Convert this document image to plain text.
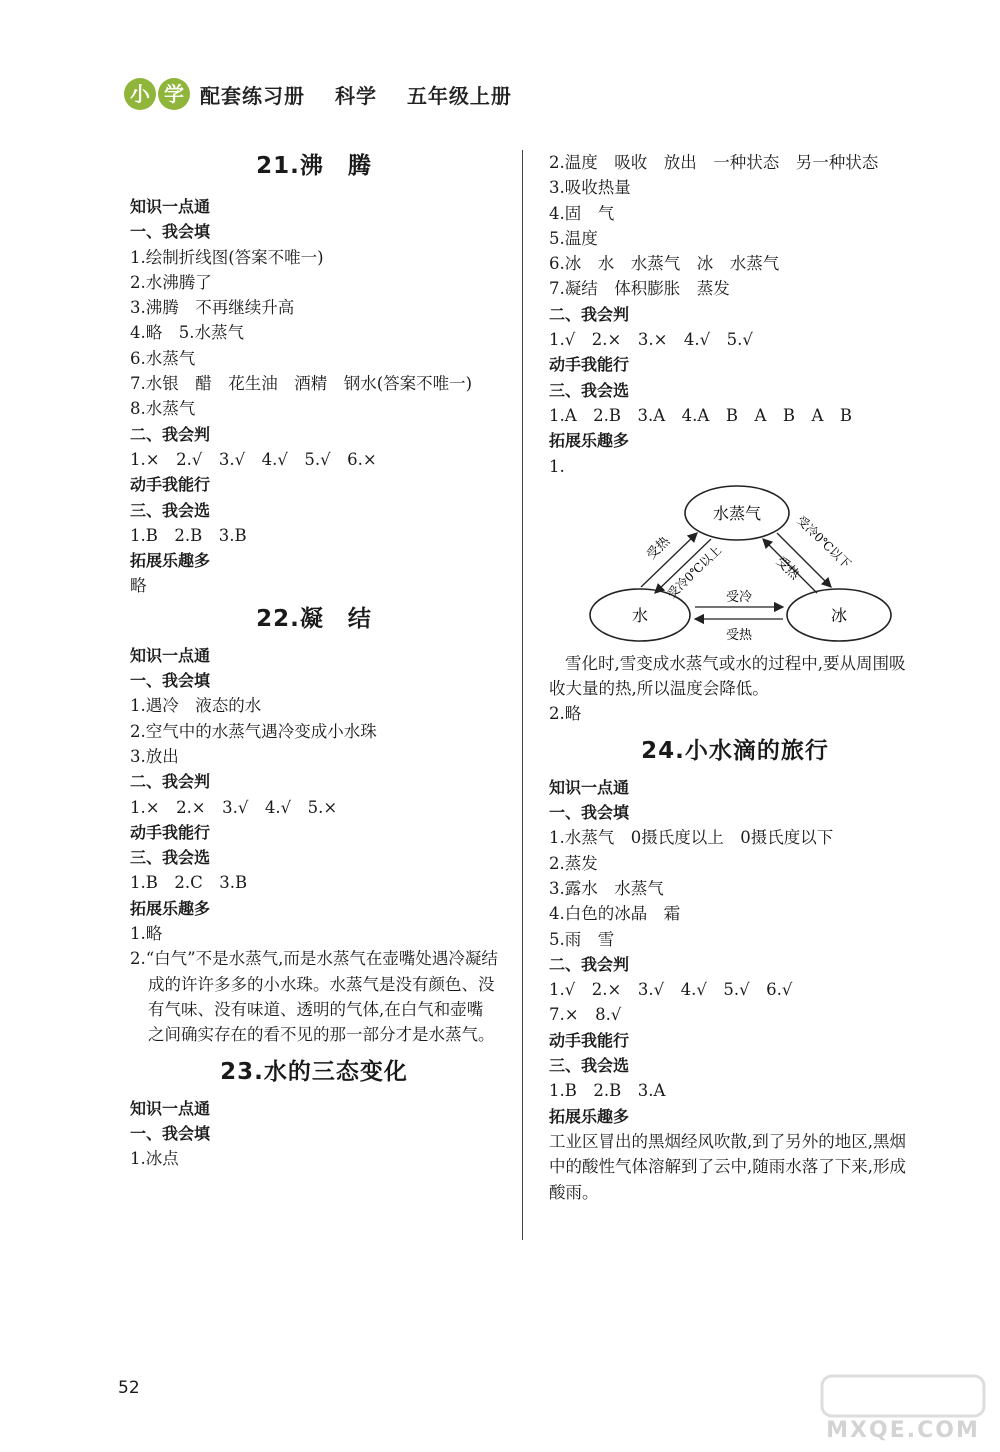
小 学 配套练习册 科学 五年级上册
21.沸　腾
知识一点通
一、我会填
1.绘制折线图(答案不唯一)
2.水沸腾了
3.沸腾　不再继续升高
4.略　5.水蒸气
6.水蒸气
7.水银　醋　花生油　酒精　钢水(答案不唯一)
8.水蒸气
二、我会判
1.×　2.√　3.√　4.√　5.√　6.×
动手我能行
三、我会选
1.B　2.B　3.B
拓展乐趣多
略
22.凝　结
知识一点通
一、我会填
1.遇冷　液态的水
2.空气中的水蒸气遇冷变成小水珠
3.放出
二、我会判
1.×　2.×　3.√　4.√　5.×
动手我能行
三、我会选
1.B　2.C　3.B
拓展乐趣多
1.略
2.“白气”不是水蒸气,而是水蒸气在壶嘴处遇冷凝结成的许许多多的小水珠。水蒸气是没有颜色、没有气味、没有味道、透明的气体,在白气和壶嘴之间确实存在的看不见的那一部分才是水蒸气。
23.水的三态变化
知识一点通
一、我会填
1.冰点
2.温度　吸收　放出　一种状态　另一种状态
3.吸收热量
4.固　气
5.温度
6.冰　水　水蒸气　冰　水蒸气
7.凝结　体积膨胀　蒸发
二、我会判
1.√　2.×　3.×　4.√　5.√
动手我能行
三、我会选
1.A　2.B　3.A　4.A　B　A　B　A　B
拓展乐趣多
1.
水蒸气
水	冰
受热
受冷0℃以上
受冷0℃以下
受热
受冷
受热
雪化时,雪变成水蒸气或水的过程中,要从周围吸收大量的热,所以温度会降低。
2.略
24.小水滴的旅行
知识一点通
一、我会填
1.水蒸气　0摄氏度以上　0摄氏度以下
2.蒸发
3.露水　水蒸气
4.白色的冰晶　霜
5.雨　雪
二、我会判
1.√　2.×　3.√　4.√　5.√　6.√
7.×　8.√
动手我能行
三、我会选
1.B　2.B　3.A
拓展乐趣多
工业区冒出的黑烟经风吹散,到了另外的地区,黑烟中的酸性气体溶解到了云中,随雨水落了下来,形成酸雨。
52
MXQE.COM
